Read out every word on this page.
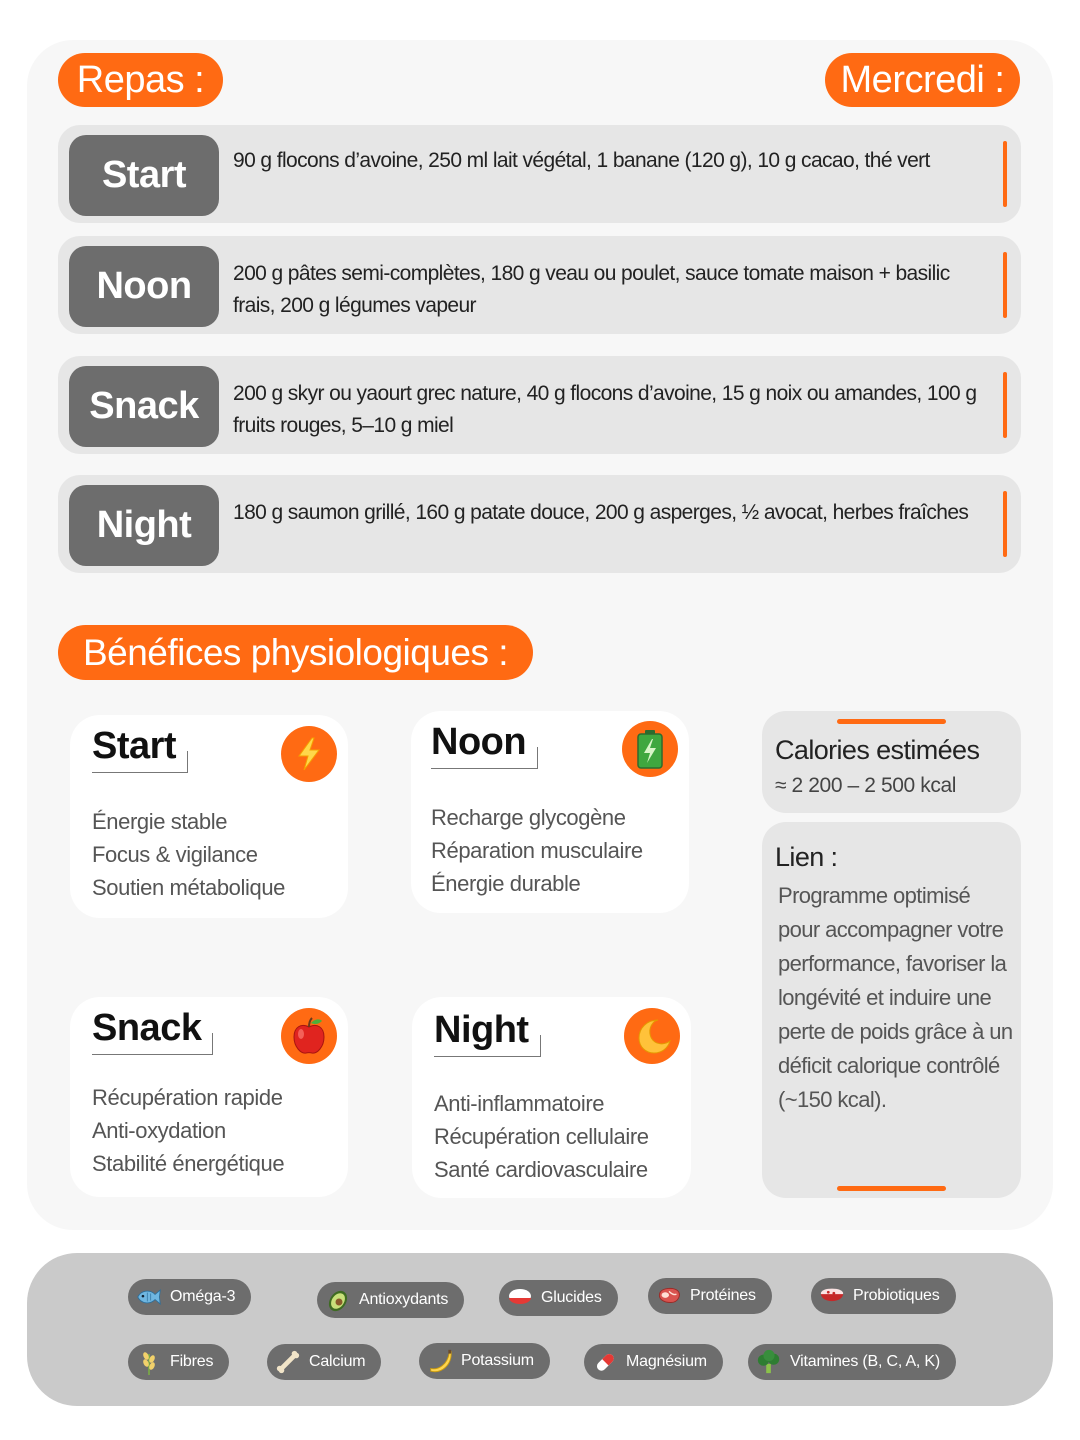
Repas :	Mercredi :
Start	90 g flocons d’avoine, 250 ml lait végétal, 1 banane (120 g), 10 g cacao, thé vert
Noon	200 g pâtes semi-complètes, 180 g veau ou poulet, sauce tomate maison + basilic frais, 200 g légumes vapeur
Snack	200 g skyr ou yaourt grec nature, 40 g flocons d’avoine, 15 g noix ou amandes, 100 g fruits rouges, 5–10 g miel
Night	180 g saumon grillé, 160 g patate douce, 200 g asperges, ½ avocat, herbes fraîches
Bénéfices physiologiques :
Start
Énergie stable
Focus & vigilance
Soutien métabolique
Noon
Recharge glycogène
Réparation musculaire
Énergie durable
Snack
Récupération rapide
Anti-oxydation
Stabilité énergétique
Night
Anti-inflammatoire
Récupération cellulaire
Santé cardiovasculaire
Calories estimées
≈ 2 200 – 2 500 kcal
Lien :
Programme optimisé pour accompagner votre performance, favoriser la longévité et induire une perte de poids grâce à un déficit calorique contrôlé (~150 kcal).
Oméga-3	Antioxydants	Glucides	Protéines	Probiotiques
Fibres	Calcium	Potassium	Magnésium	Vitamines (B, C, A, K)
